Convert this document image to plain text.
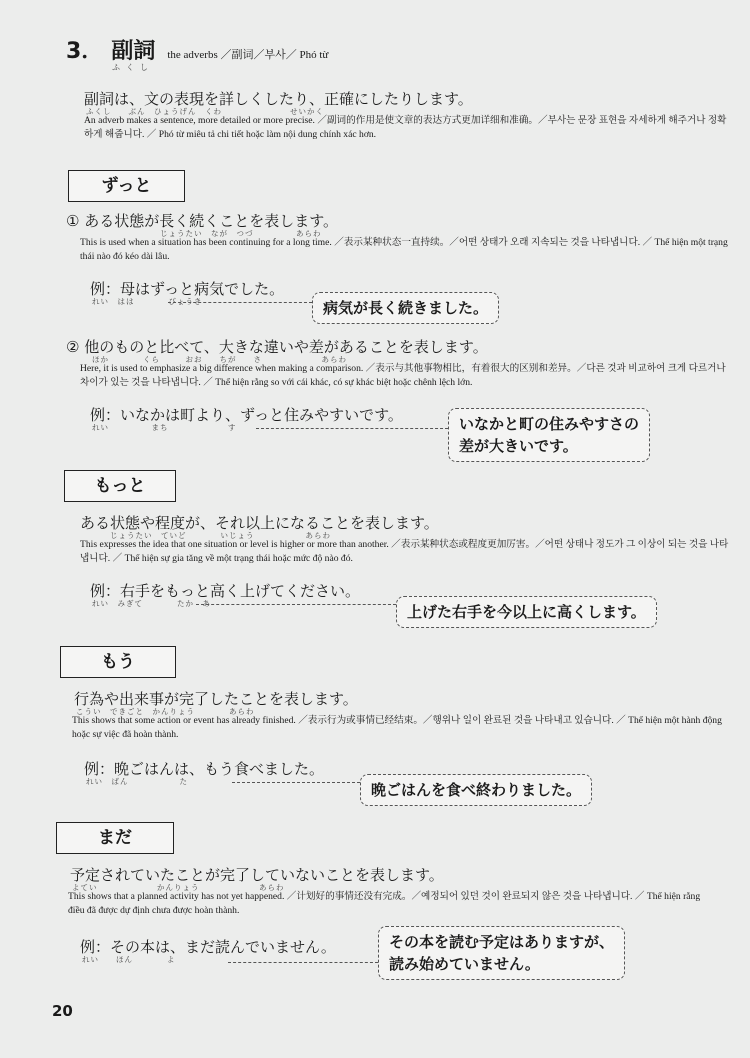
3． 副詞 the adverbs ／副词／부사／ Phó từ
ふくし
副詞は、文の表現を詳しくしたり、正確にしたりします。
ふくし　　ぶん　ひょうげん　くわ　　　　　　　　せいかく
An adverb makes a sentence, more detailed or more precise. ／副词的作用是使文章的表达方式更加详细和准确。／부사는 문장 표현을 자세하게 해주거나 정확하게 해줍니다. ／ Phó từ miêu tả chi tiết hoặc làm nội dung chính xác hơn.
ずっと
① ある状態が長く続くことを表します。
じょうたい　なが　つづ　　　　　あらわ
This is used when a situation has been continuing for a long time. ／表示某种状态一直持续。／어떤 상태가 오래 지속되는 것을 나타냅니다. ／ Thể hiện một trạng thái nào đó kéo dài lâu.
例：母はずっと病気でした。
れい　はは　　　　びょうき	病気が長く続きました。
② 他のものと比べて、大きな違いや差があることを表します。
ほか　　　　くら　　　おお　　ちが　　さ　　　　　　　あらわ
Here, it is used to emphasize a big difference when making a comparison. ／表示与其他事物相比，有着很大的区别和差异。／다른 것과 비교하여 크게 다르거나 차이가 있는 것을 나타냅니다. ／ Thể hiện rằng so với cái khác, có sự khác biệt hoặc chênh lệch lớn.
例：いなかは町より、ずっと住みやすいです。
れい　　　　　まち　　　　　　　す	いなかと町の住みやすさの
差が大きいです。
もっと
ある状態や程度が、それ以上になることを表します。
じょうたい　ていど　　　　いじょう　　　　　　あらわ
This expresses the idea that one situation or level is higher or more than another. ／表示某种状态或程度更加厉害。／어떤 상태나 정도가 그 이상이 되는 것을 나타냅니다. ／ Thể hiện sự gia tăng về một trạng thái hoặc mức độ nào đó.
例：右手をもっと高く上げてください。
れい　みぎて　　　　たか　あ	上げた右手を今以上に高くします。
もう
行為や出来事が完了したことを表します。
こうい　できごと　かんりょう　　　　あらわ
This shows that some action or event has already finished. ／表示行为或事情已经结束。／행위나 일이 완료된 것을 나타내고 있습니다. ／ Thể hiện một hành động hoặc sự việc đã hoàn thành.
例：晩ごはんは、もう食べました。
れい　ばん　　　　　　た	晩ごはんを食べ終わりました。
まだ
予定されていたことが完了していないことを表します。
よてい　　　　　　　かんりょう　　　　　　　あらわ
This shows that a planned activity has not yet happened. ／计划好的事情还没有完成。／예정되어 있던 것이 완료되지 않은 것을 나타냅니다. ／ Thể hiện rằng điều đã được dự định chưa được hoàn thành.
例：その本は、まだ読んでいません。
れい　　ほん　　　　よ
その本を読む予定はありますが、
読み始めていません。
20
